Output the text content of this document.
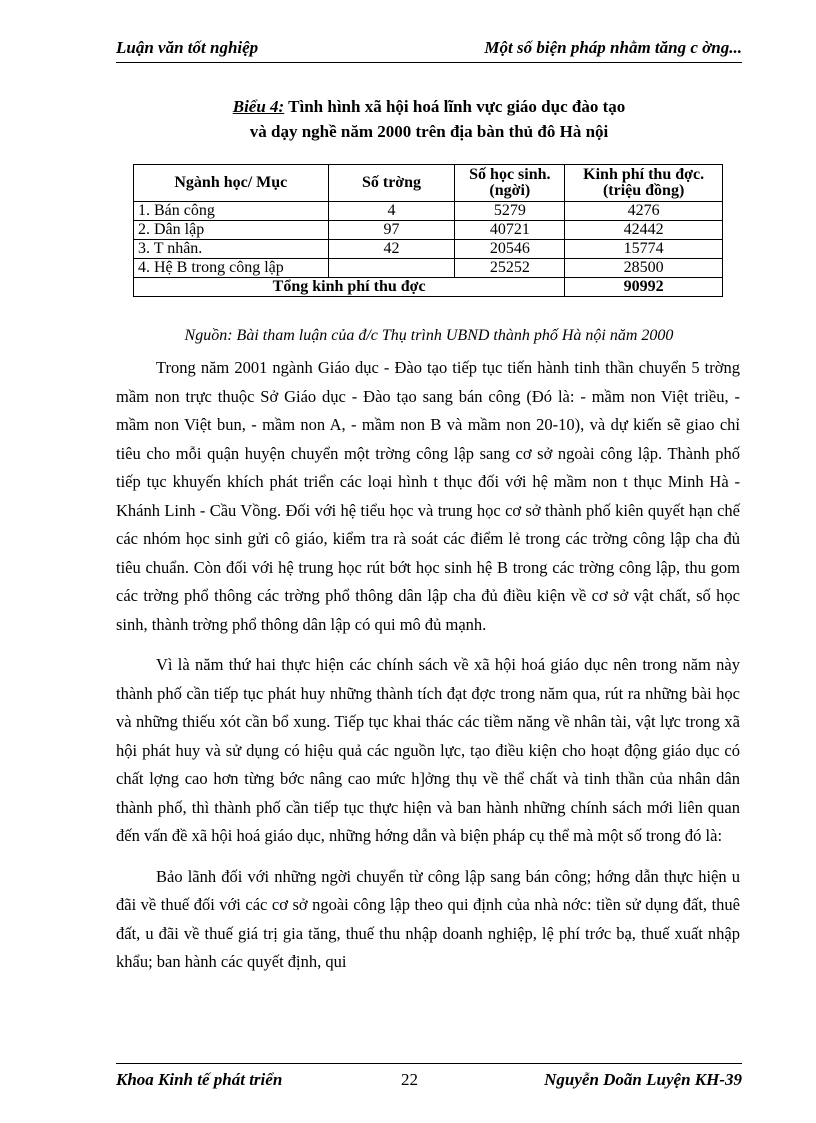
Luận văn tốt nghiệp	Một số biện pháp nhằm tăng c ờng...
Biểu 4: Tình hình xã hội hoá lĩnh vực giáo dục đào tạo
và dạy nghề năm 2000 trên địa bàn thủ đô Hà nội
Ngành học/ Mục	Số trờng	Số học sinh. (ngời)	Kinh phí thu đợc. (triệu đồng)
1. Bán công	4	5279	4276
2. Dân lập	97	40721	42442
3. T nhân.	42	20546	15774
4. Hệ B trong công lập		25252	28500
Tổng kinh phí thu đợc			90992
Nguồn: Bài tham luận của đ/c Thụ trình UBND thành phố Hà nội năm 2000

Trong năm 2001 ngành Giáo dục - Đào tạo tiếp tục tiến hành tinh thần chuyển 5 trờng mầm non trực thuộc Sở Giáo dục - Đào tạo sang bán công (Đó là: - mầm non Việt triều, - mầm non Việt bun, - mầm non A, - mầm non B và mầm non 20-10), và dự kiến sẽ giao chỉ tiêu cho mỗi quận huyện chuyển một trờng công lập sang cơ sở ngoài công lập. Thành phố tiếp tục khuyến khích phát triển các loại hình t thục đối với hệ mầm non t thục Minh Hà - Khánh Linh - Cầu Vồng. Đối với hệ tiểu học và trung học cơ sở thành phố kiên quyết hạn chế các nhóm học sinh gửi cô giáo, kiểm tra rà soát các điểm lẻ trong các trờng công lập cha đủ tiêu chuẩn. Còn đối với hệ trung học rút bớt học sinh hệ B trong các trờng công lập, thu gom các trờng phổ thông các trờng phổ thông dân lập cha đủ điều kiện về cơ sở vật chất, số học sinh, thành trờng phổ thông dân lập có qui mô đủ mạnh.

Vì là năm thứ hai thực hiện các chính sách về xã hội hoá giáo dục nên trong năm này thành phố cần tiếp tục phát huy những thành tích đạt đợc trong năm qua, rút ra những bài học và những thiếu xót cần bổ xung. Tiếp tục khai thác các tiềm năng về nhân tài, vật lực trong xã hội phát huy và sử dụng có hiệu quả các nguồn lực, tạo điều kiện cho hoạt động giáo dục có chất lợng cao hơn từng bớc nâng cao mức h]ởng thụ về thể chất và tinh thần của nhân dân thành phố, thì thành phố cần tiếp tục thực hiện và ban hành những chính sách mới liên quan đến vấn đề xã hội hoá giáo dục, những hớng dẫn và biện pháp cụ thể mà một số trong đó là:

Bảo lãnh đối với những ngời chuyển từ công lập sang bán công; hớng dẫn thực hiện u đãi về thuế đối với các cơ sở ngoài công lập theo qui định của nhà nớc: tiền sử dụng đất, thuê đất, u đãi về thuế giá trị gia tăng, thuế thu nhập doanh nghiệp, lệ phí trớc bạ, thuế xuất nhập khẩu; ban hành các quyết định, qui

Khoa Kinh tế phát triển	22	Nguyễn Doãn Luyện KH-39
